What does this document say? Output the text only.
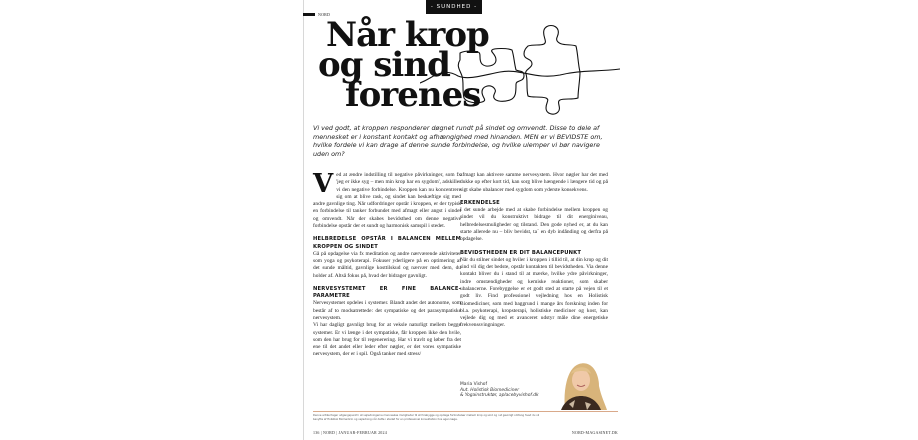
NORD
- SUNDHED -
Når krop
og sind
forenes
Vi ved godt, at kroppen responderer døgnet rundt på sindet og omvendt. Disse to dele af mennesket er i konstant kontakt og afhængighed med hinanden. MEN er vi BEVIDSTE om, hvilke fordele vi kan drage af denne sunde forbindelse, og hvilke ulemper vi bør navigere uden om?

Ved at ændre indstilling til negative påvirkninger, som fx 'jeg er ikke syg – men min krop har en sygdom', adskiller vi den negative forbindelse. Kroppen kan nu koncentrere sig om at blive rask, og sindet kan beskæftige sig med andre gavnlige ting. Når udfordringer opstår i kroppen, er der typisk en forbindelse til tanker forbundet med afmagt eller angst i sindet og omvendt. Når der skabes bevidsthed om denne negative forbindelse opstår der et sundt og harmonisk samspil i stedet.

HELBREDELSE OPSTÅR I BALANCEN MELLEM KROPPEN OG SINDET

Gå på opdagelse via fx meditation og andre nærværende aktiviteter som yoga og psykoterapi. Fokuser yderligere på en optimering af det sunde måltid, gavnlige kosttilskud og nærvær med dem, du holder af. Altså fokus på, hvad der bidrager gavnligt.

NERVESYSTEMET ER FINE BALANCE-PARAMETRE

Nervesystemet opdeles i systemer. Blandt andet det autonome, som består af to modsatrettede: det sympatiske og det parasympatiske nervesystem.

Vi har dagligt gavnligt brug for at veksle naturligt mellem begge systemer. Er vi længe i det sympatiske, får kroppen ikke den hvile, som den har brug for til regenerering. Har vi travlt og løber fra det ene til det andet eller leder efter nøgler, er det vores sympatiske nervesystem, der er i spil. Også tanker med stress/

afmagt kan aktivere samme nervesystem. Hvor nøgler har det med dukke op efter kort tid, kan sorg blive hængende i længere tid og på sigt skabe ubalancer med sygdom som yderste konsekvens.

ERKENDELSE

I det sunde arbejde med at skabe forbindelse mellem kroppen og sindet vil du konstruktivt bidrage til dit energiniveau, helbredelsesmuligheder og tilstand. Den gode nyhed er, at du kan starte allerede nu – bliv bevidst, ta´ en dyb indånding og derfra på opdagelse.

BEVIDSTHEDEN ER DIT BALANCEPUNKT

Når du stilner sindet og hviler i kroppen i tillid til, at din krop og dit sind vil dig det bedste, opstår kontakten til bevidstheden. Via denne kontakt bliver du i stand til at mærke, hvilke ydre påvirkninger, indre omstændigheder og kemiske reaktioner, som skaber ubalancerne. Forebyggelse er et godt sted at starte på vejen til et godt liv. Find professionel vejledning hos en Holistisk Biomediciner, som med baggrund i mange års forskning inden for bl.a. psykoterapi, kropsterapi, holistiske mediciner og kost, kan vejlede dig og med et avanceret udstyr måle dine energetiske frekvenssvingninger.

Maria Vishof
Aut. Holistisk Biomediciner
& Yogainstruktør, aplacebyvishof.dk
Denne artikel tager udgangspunkt i at vejledningerne menneskes muligheder til at forebygge og opdage forbindelser mellem krop og sind og i et gavnligt omfang hvad du vil benytte af Holistisk Biomedicin og vejledning når dette i stedet for en professionel konsultation hos egen læge.
136 | NORD | JANUAR-FEBRUAR 2024	NORD-MAGASINET.DK
